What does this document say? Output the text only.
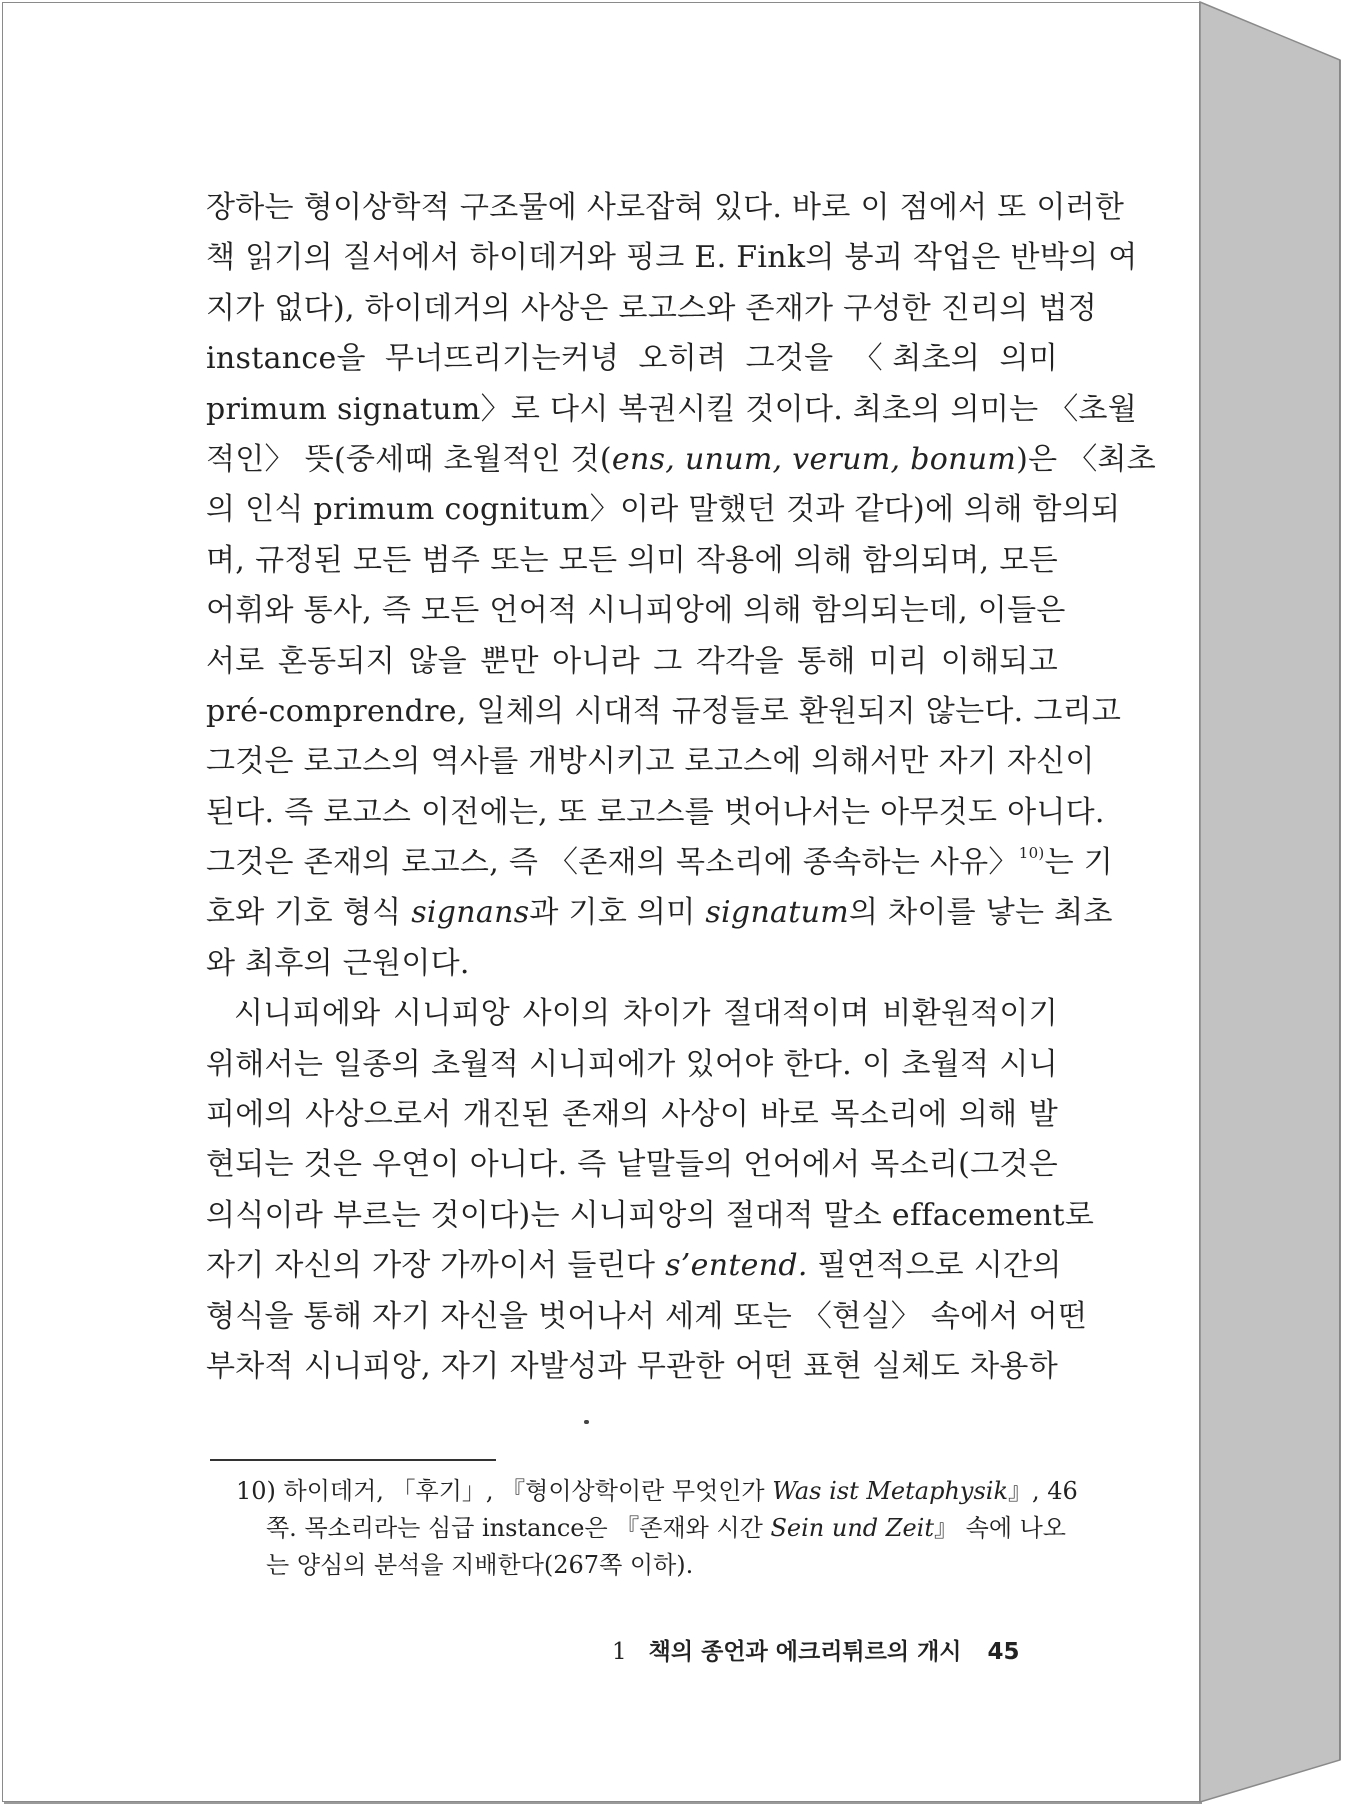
장하는 형이상학적 구조물에 사로잡혀 있다. 바로 이 점에서 또 이러한
책 읽기의 질서에서 하이데거와 핑크 E. Fink의 붕괴 작업은 반박의 여
지가 없다), 하이데거의 사상은 로고스와 존재가 구성한 진리의 법정
instance을 무너뜨리기는커녕 오히려 그것을 〈최초의 의미
primum signatum〉로 다시 복권시킬 것이다. 최초의 의미는 〈초월
적인〉 뜻(중세때 초월적인 것(ens, unum, verum, bonum)은 〈최초
의 인식 primum cognitum〉이라 말했던 것과 같다)에 의해 함의되
며, 규정된 모든 범주 또는 모든 의미 작용에 의해 함의되며, 모든
어휘와 통사, 즉 모든 언어적 시니피앙에 의해 함의되는데, 이들은
서로 혼동되지 않을 뿐만 아니라 그 각각을 통해 미리 이해되고
pré-comprendre, 일체의 시대적 규정들로 환원되지 않는다. 그리고
그것은 로고스의 역사를 개방시키고 로고스에 의해서만 자기 자신이
된다. 즉 로고스 이전에는, 또 로고스를 벗어나서는 아무것도 아니다.
그것은 존재의 로고스, 즉 〈존재의 목소리에 종속하는 사유〉$^{10)}$는 기
호와 기호 형식 signans과 기호 의미 signatum의 차이를 낳는 최초
와 최후의 근원이다.
시니피에와 시니피앙 사이의 차이가 절대적이며 비환원적이기
위해서는 일종의 초월적 시니피에가 있어야 한다. 이 초월적 시니
피에의 사상으로서 개진된 존재의 사상이 바로 목소리에 의해 발
현되는 것은 우연이 아니다. 즉 낱말들의 언어에서 목소리(그것은
의식이라 부르는 것이다)는 시니피앙의 절대적 말소 effacement로
자기 자신의 가장 가까이서 들린다 s’entend. 필연적으로 시간의
형식을 통해 자기 자신을 벗어나서 세계 또는 〈현실〉 속에서 어떤
부차적 시니피앙, 자기 자발성과 무관한 어떤 표현 실체도 차용하
10) 하이데거, 「후기」, 『형이상학이란 무엇인가 Was ist Metaphysik』, 46
쪽. 목소리라는 심급 instance은 『존재와 시간 Sein und Zeit』 속에 나오
는 양심의 분석을 지배한다(267쪽 이하).
1 책의 종언과 에크리튀르의 개시 45
